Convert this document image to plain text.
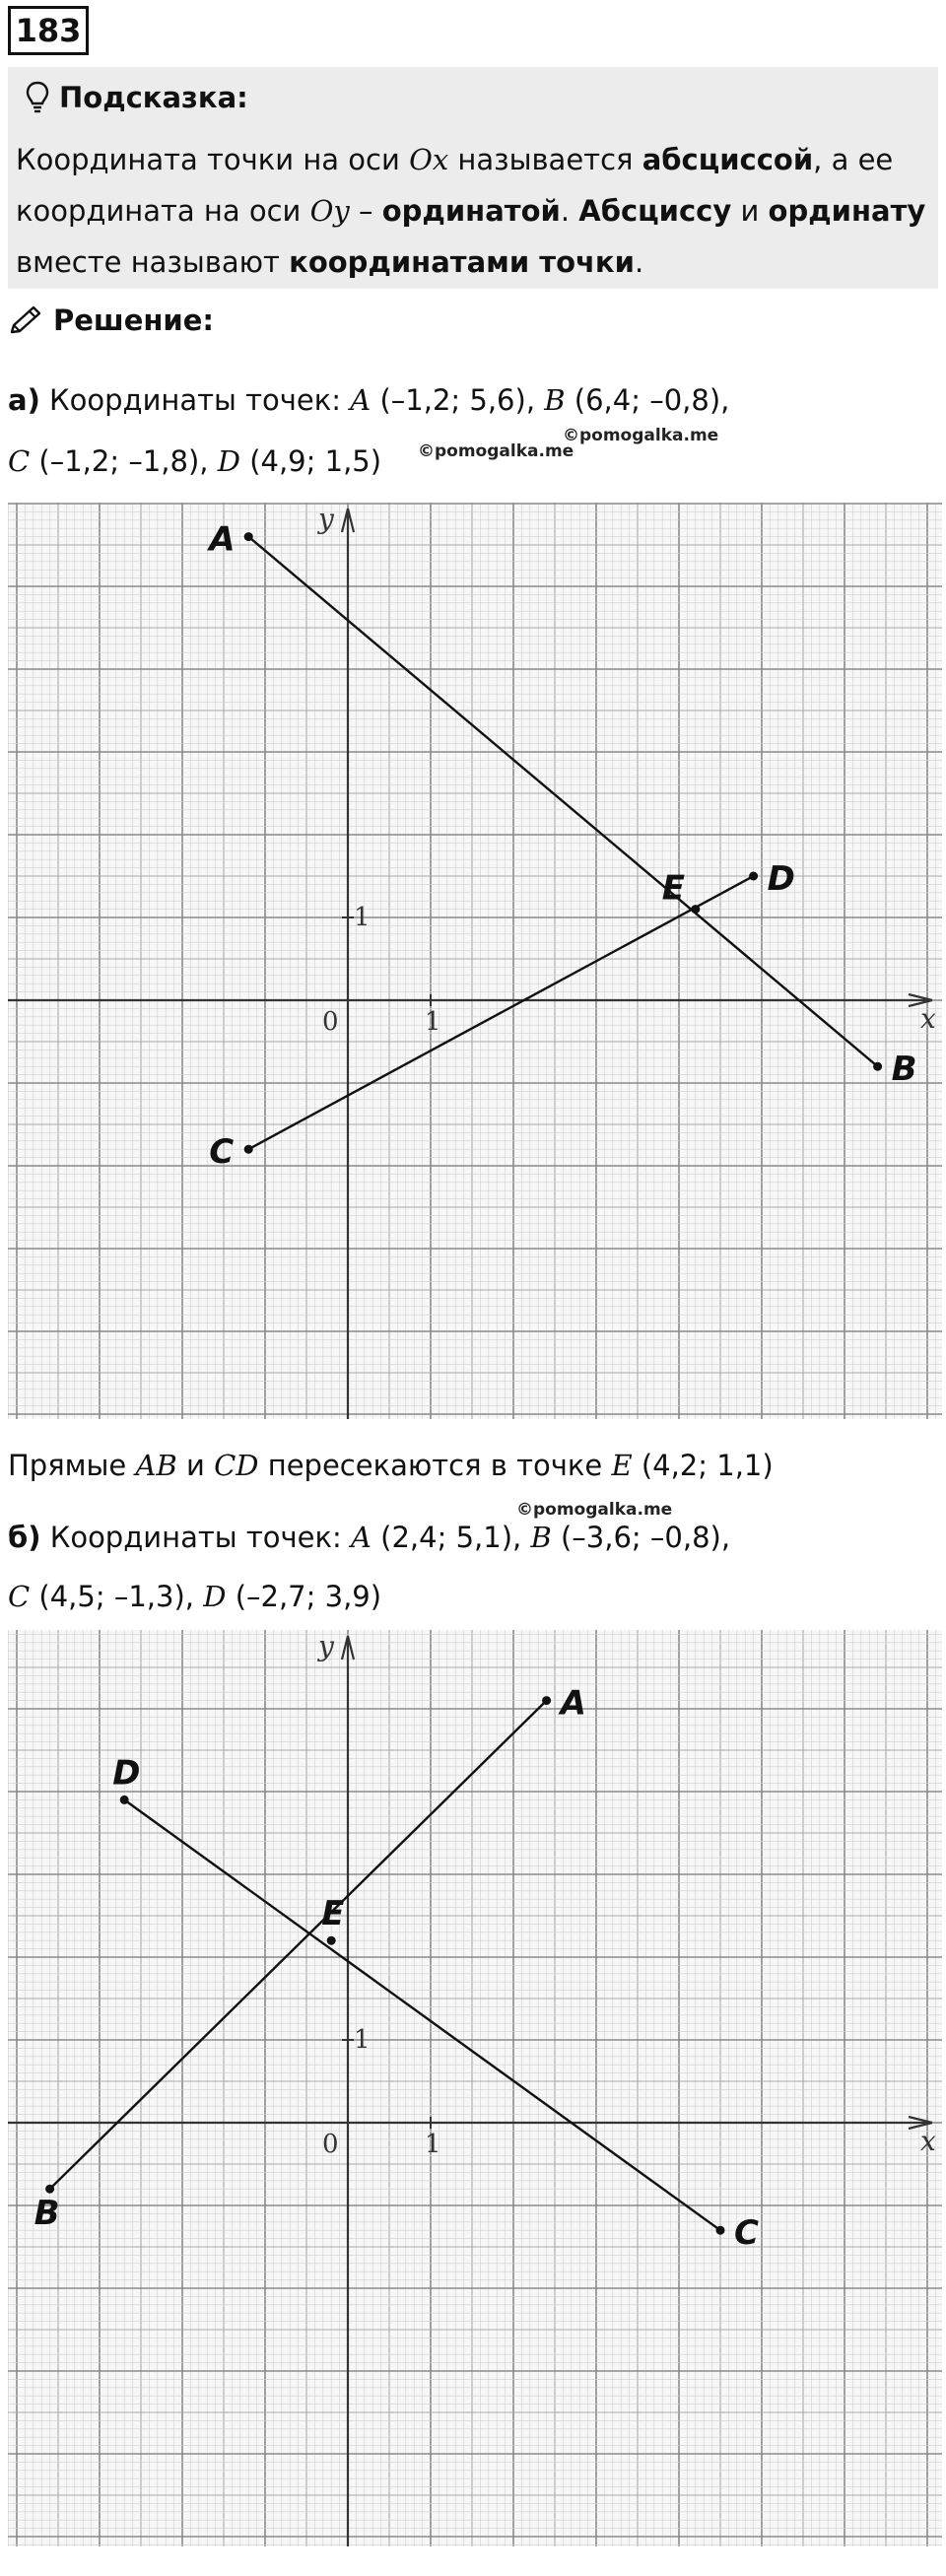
183
Подсказка:
Координата точки на оси Ox называется абсциссой, а ее
координата на оси Oy – ординатой. Абсциссу и ординату
вместе называют координатами точки.
Решение:
а) Координаты точек: A (–1,2; 5,6), B (6,4; –0,8),
C (–1,2; –1,8), D (4,9; 1,5) ©pomogalka.me
©pomogalka.me
x
y
0	1
1
A
B
C
D
E
Прямые AB и CD пересекаются в точке E (4,2; 1,1)
©pomogalka.me
б) Координаты точек: A (2,4; 5,1), B (–3,6; –0,8),
C (4,5; –1,3), D (–2,7; 3,9)
x
y
0	1
1
A
B	C
D
E
